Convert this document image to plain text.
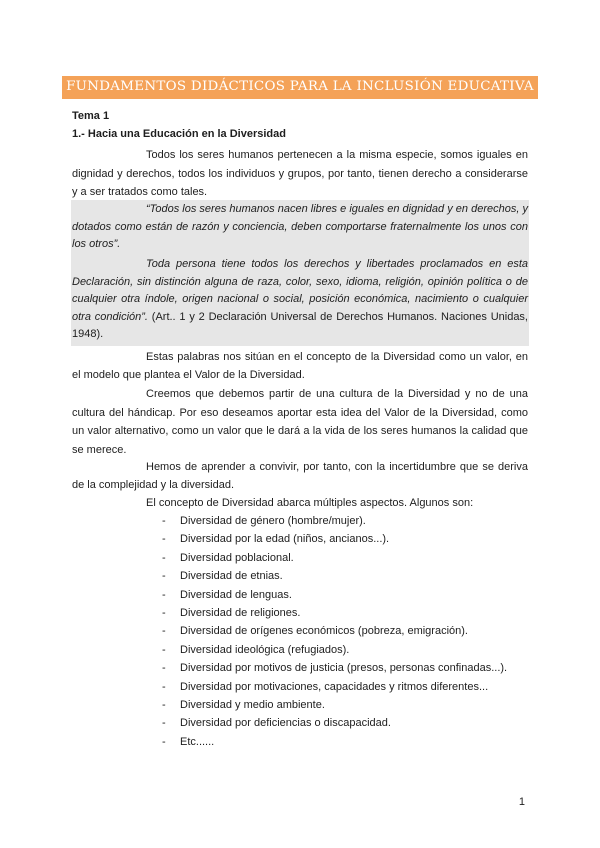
FUNDAMENTOS DIDÁCTICOS PARA LA INCLUSIÓN EDUCATIVA
Tema 1
1.- Hacia una Educación en la Diversidad

Todos los seres humanos pertenecen a la misma especie, somos iguales en dignidad y derechos, todos los individuos y grupos, por tanto, tienen derecho a considerarse y a ser tratados como tales.

“Todos los seres humanos nacen libres e iguales en dignidad y en derechos, y dotados como están de razón y conciencia, deben comportarse fraternalmente los unos con los otros”.

Toda persona tiene todos los derechos y libertades proclamados en esta Declaración, sin distinción alguna de raza, color, sexo, idioma, religión, opinión política o de cualquier otra índole, origen nacional o social, posición económica, nacimiento o cualquier otra condición”. (Art.. 1 y 2 Declaración Universal de Derechos Humanos. Naciones Unidas, 1948).

Estas palabras nos sitúan en el concepto de la Diversidad como un valor, en el modelo que plantea el Valor de la Diversidad.

Creemos que debemos partir de una cultura de la Diversidad y no de una cultura del hándicap. Por eso deseamos aportar esta idea del Valor de la Diversidad, como un valor alternativo, como un valor que le dará a la vida de los seres humanos la calidad que se merece.

Hemos de aprender a convivir, por tanto, con la incertidumbre que se deriva de la complejidad y la diversidad.

El concepto de Diversidad abarca múltiples aspectos. Algunos son:

- Diversidad de género (hombre/mujer).
- Diversidad por la edad (niños, ancianos...).
- Diversidad poblacional.
- Diversidad de etnias.
- Diversidad de lenguas.
- Diversidad de religiones.
- Diversidad de orígenes económicos (pobreza, emigración).
- Diversidad ideológica (refugiados).
- Diversidad por motivos de justicia (presos, personas confinadas...).
- Diversidad por motivaciones, capacidades y ritmos diferentes...
- Diversidad y medio ambiente.
- Diversidad por deficiencias o discapacidad.
- Etc......
1
